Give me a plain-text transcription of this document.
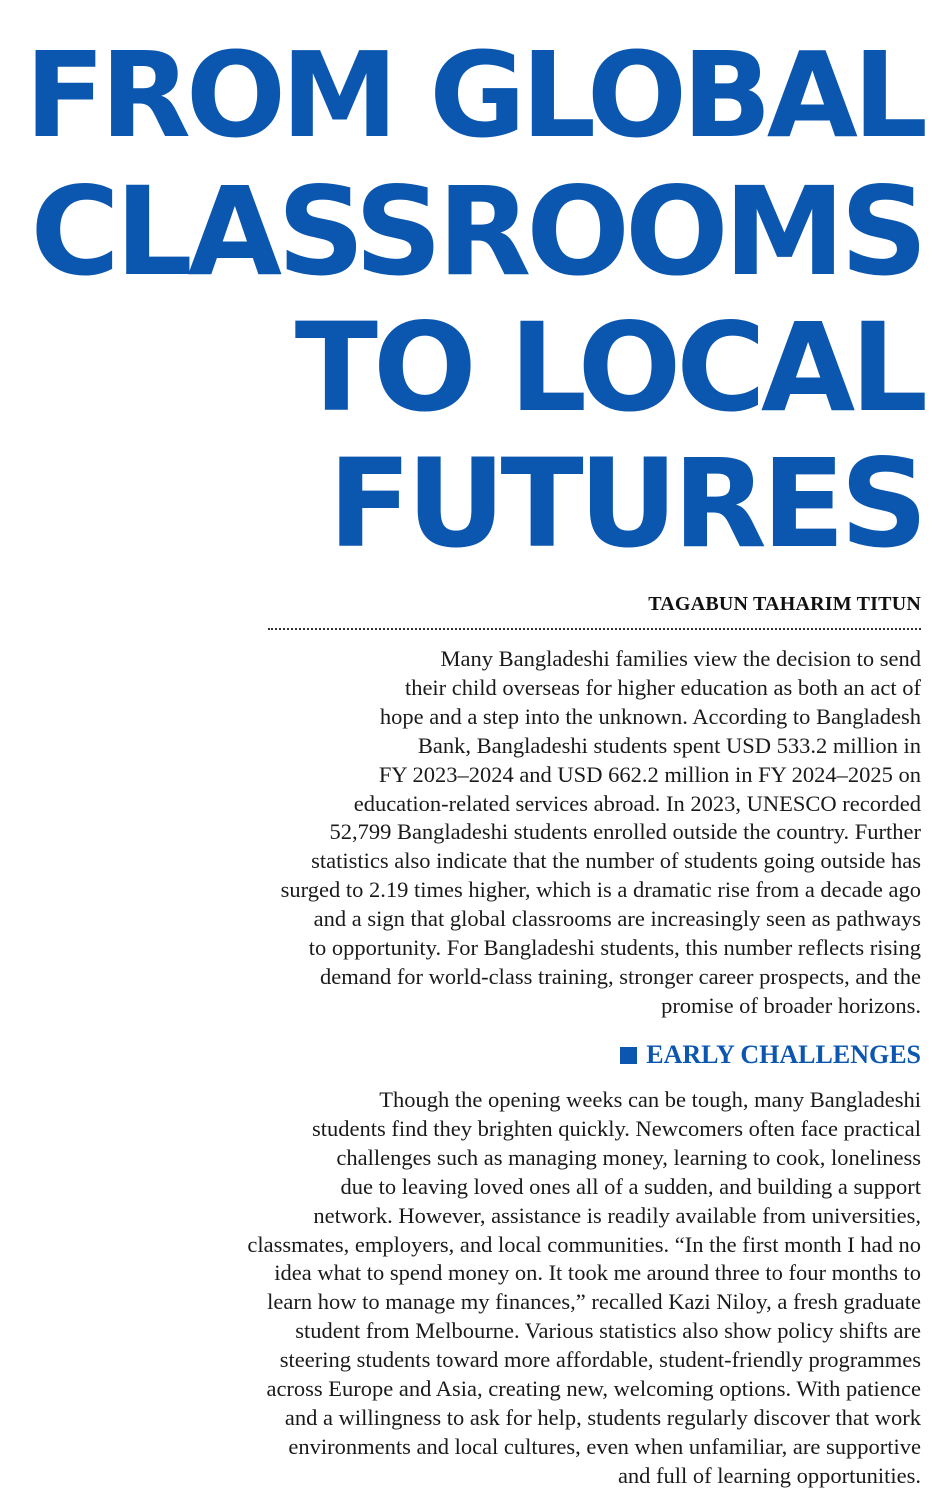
FROM GLOBAL
CLASSROOMS
TO LOCAL
FUTURES
TAGABUN TAHARIM TITUN

Many Bangladeshi families view the decision to send
their child overseas for higher education as both an act of
hope and a step into the unknown. According to Bangladesh
Bank, Bangladeshi students spent USD 533.2 million in
FY 2023–2024 and USD 662.2 million in FY 2024–2025 on
education-related services abroad. In 2023, UNESCO recorded
52,799 Bangladeshi students enrolled outside the country. Further
statistics also indicate that the number of students going outside has
surged to 2.19 times higher, which is a dramatic rise from a decade ago
and a sign that global classrooms are increasingly seen as pathways
to opportunity. For Bangladeshi students, this number reflects rising
demand for world-class training, stronger career prospects, and the
promise of broader horizons.

EARLY CHALLENGES

Though the opening weeks can be tough, many Bangladeshi
students find they brighten quickly. Newcomers often face practical
challenges such as managing money, learning to cook, loneliness
due to leaving loved ones all of a sudden, and building a support
network. However, assistance is readily available from universities,
classmates, employers, and local communities. “In the first month I had no
idea what to spend money on. It took me around three to four months to
learn how to manage my finances,” recalled Kazi Niloy, a fresh graduate
student from Melbourne. Various statistics also show policy shifts are
steering students toward more affordable, student-friendly programmes
across Europe and Asia, creating new, welcoming options. With patience
and a willingness to ask for help, students regularly discover that work
environments and local cultures, even when unfamiliar, are supportive
and full of learning opportunities.
